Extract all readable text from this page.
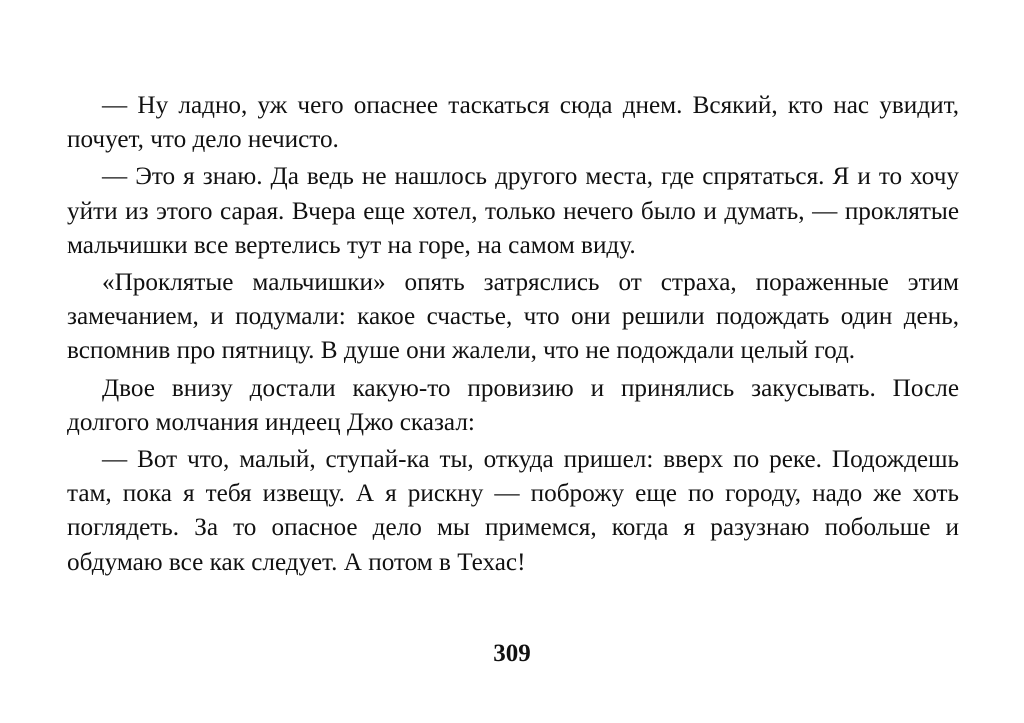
— Ну ладно, уж чего опаснее таскаться сюда днем. Всякий, кто нас увидит, почует, что дело нечисто.

— Это я знаю. Да ведь не нашлось другого места, где спрятаться. Я и то хочу уйти из этого сарая. Вчера еще хотел, только нечего было и думать, — проклятые мальчишки все вертелись тут на горе, на самом виду.

«Проклятые мальчишки» опять затряслись от страха, пораженные этим замечанием, и подумали: какое счастье, что они решили подождать один день, вспомнив про пятницу. В душе они жалели, что не подождали целый год.

Двое внизу достали какую-то провизию и принялись закусывать. После долгого молчания индеец Джо сказал:

— Вот что, малый, ступай-ка ты, откуда пришел: вверх по реке. Подождешь там, пока я тебя извещу. А я рискну — поброжу еще по городу, надо же хоть поглядеть. За то опасное дело мы примемся, когда я разузнаю побольше и обдумаю все как следует. А потом в Техас!

309
